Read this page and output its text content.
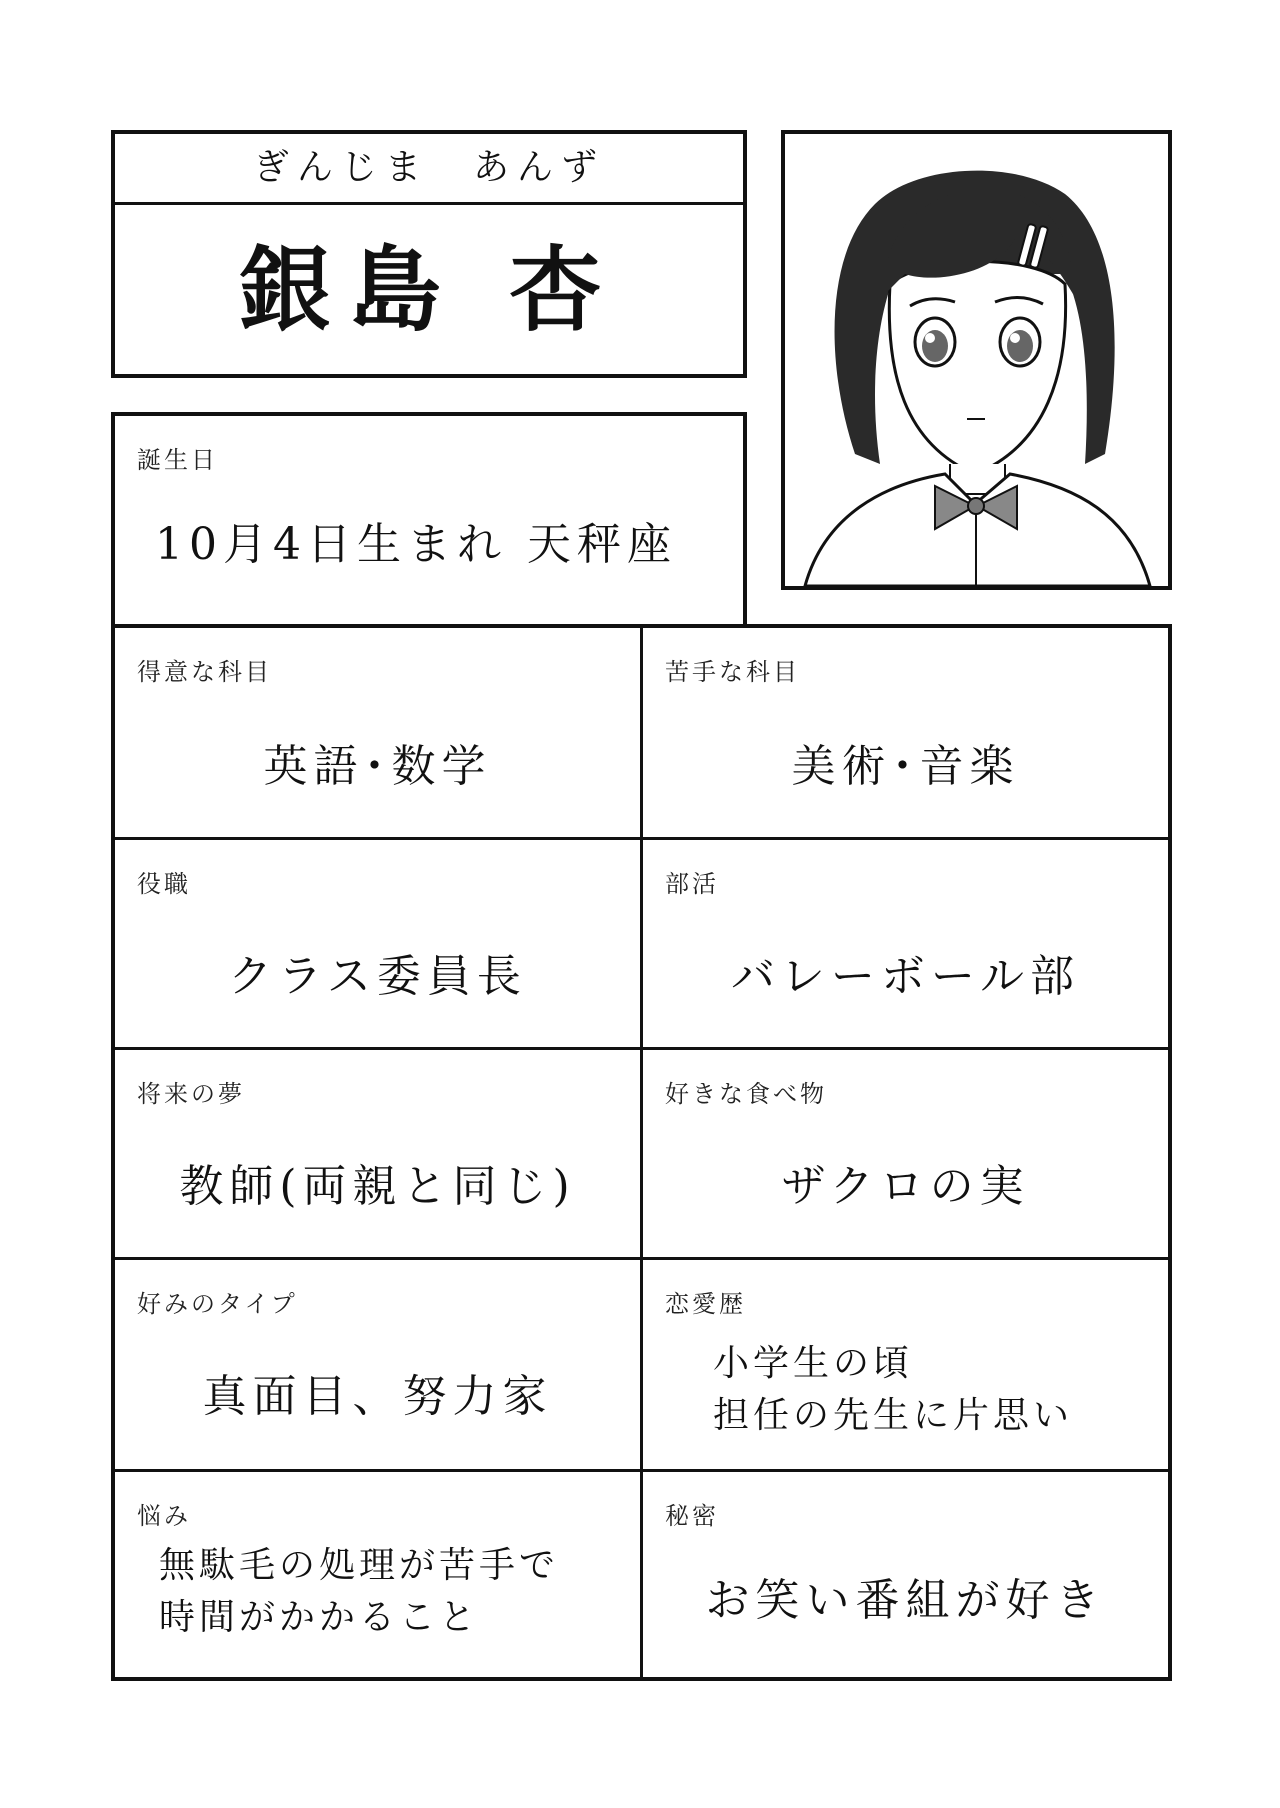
ぎんじま　あんず
銀島 杏
誕生日
10月4日生まれ 天秤座
得意な科目
英語･数学
苦手な科目
美術･音楽
役職
クラス委員長
部活
バレーボール部
将来の夢
教師(両親と同じ)
好きな食べ物
ザクロの実
好みのタイプ
真面目、努力家
恋愛歴
小学生の頃
担任の先生に片思い
悩み
無駄毛の処理が苦手で
時間がかかること
秘密
お笑い番組が好き
